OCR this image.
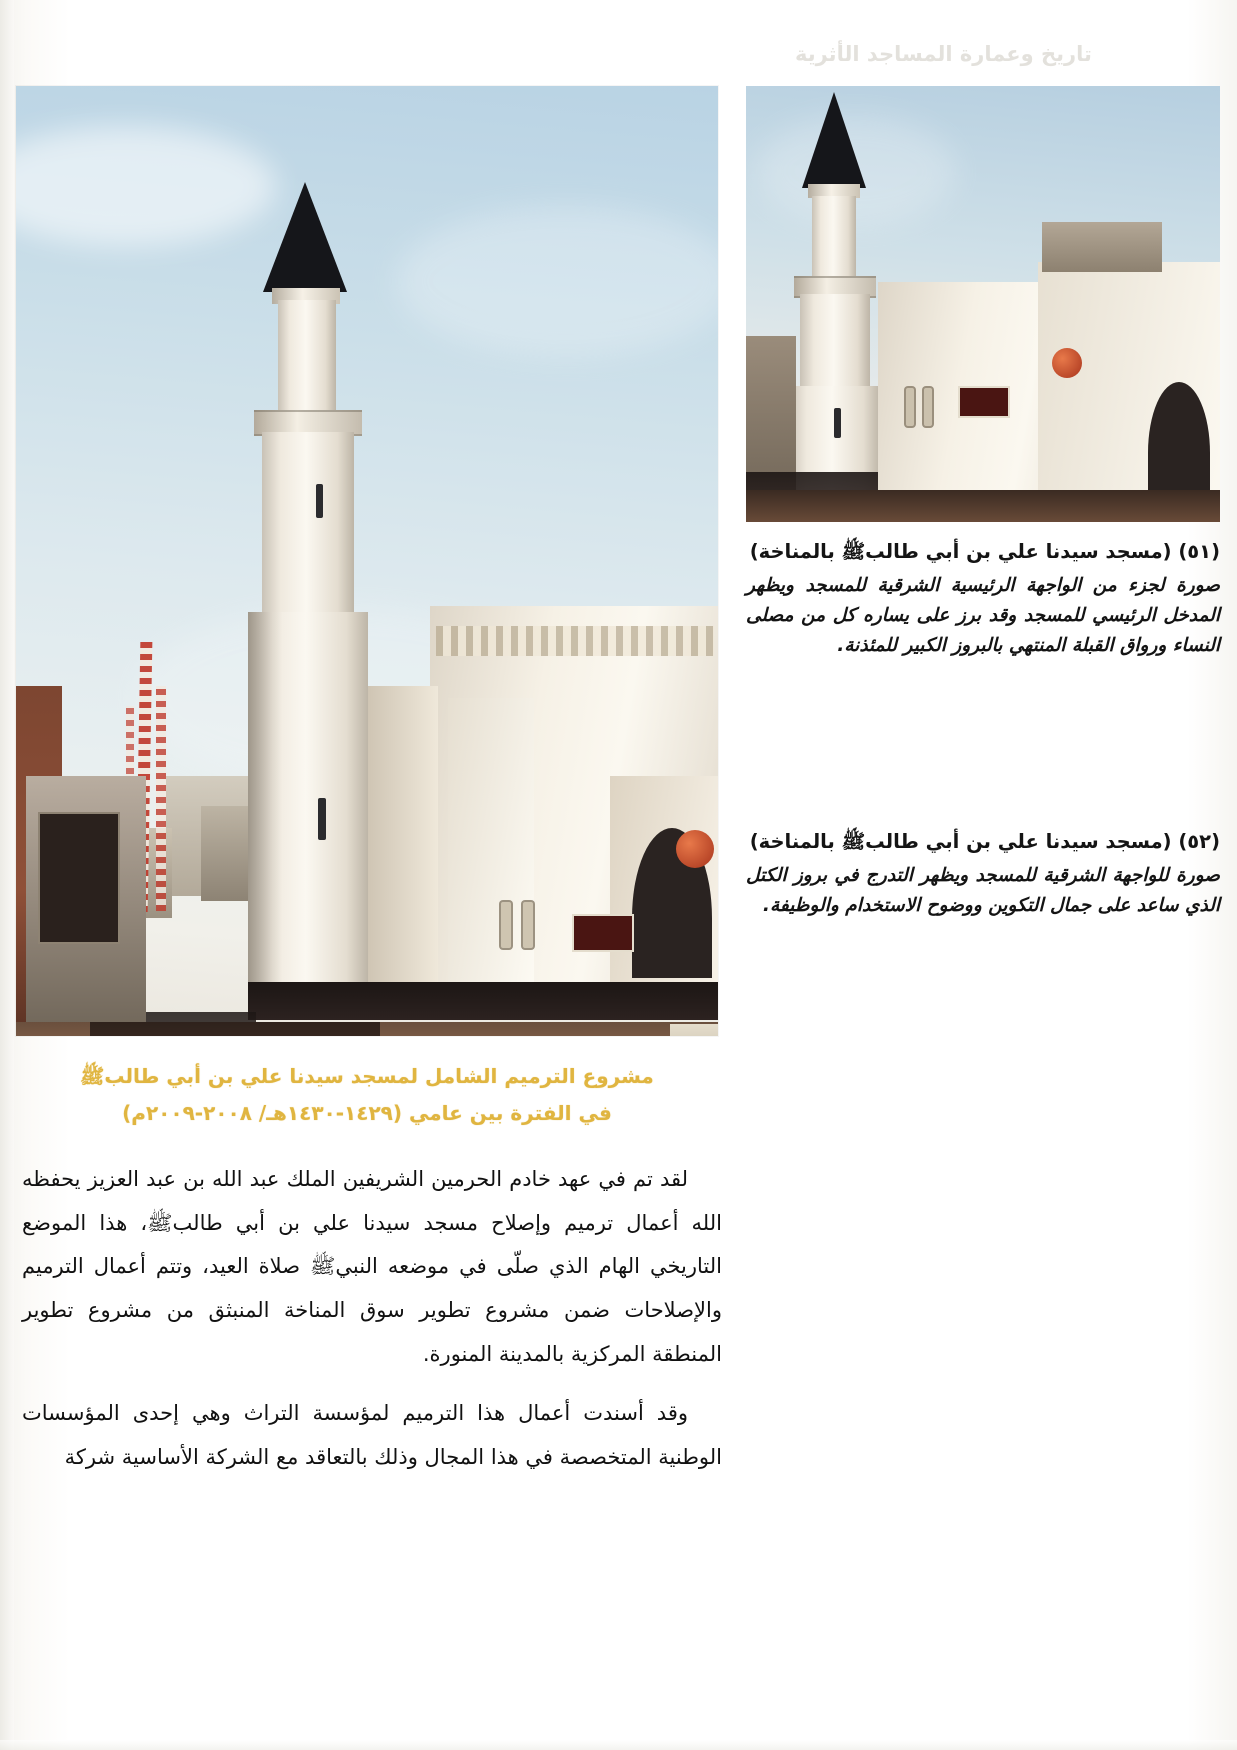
تاريخ وعمارة المساجد الأثرية

(٥١) (مسجد سيدنا علي بن أبي طالبﷺ بالمناخة)

صورة لجزء من الواجهة الرئيسية الشرقية للمسجد ويظهر المدخل الرئيسي للمسجد وقد برز على يساره كل من مصلى النساء ورواق القبلة المنتهي بالبروز الكبير للمئذنة.

(٥٢) (مسجد سيدنا علي بن أبي طالبﷺ بالمناخة)

صورة للواجهة الشرقية للمسجد ويظهر التدرج في بروز الكتل الذي ساعد على جمال التكوين ووضوح الاستخدام والوظيفة.

مشروع الترميم الشامل لمسجد سيدنا علي بن أبي طالبﷺ
في الفترة بين عامي (١٤٢٩-١٤٣٠هـ/ ٢٠٠٨-٢٠٠٩م)

لقد تم في عهد خادم الحرمين الشريفين الملك عبد الله بن عبد العزيز يحفظه الله أعمال ترميم وإصلاح مسجد سيدنا علي بن أبي طالبﷺ، هذا الموضع التاريخي الهام الذي صلّى في موضعه النبيﷺ صلاة العيد، وتتم أعمال الترميم والإصلاحات ضمن مشروع تطوير سوق المناخة المنبثق من مشروع تطوير المنطقة المركزية بالمدينة المنورة.

وقد أسندت أعمال هذا الترميم لمؤسسة التراث وهي إحدى المؤسسات الوطنية المتخصصة في هذا المجال وذلك بالتعاقد مع الشركة الأساسية شركة
